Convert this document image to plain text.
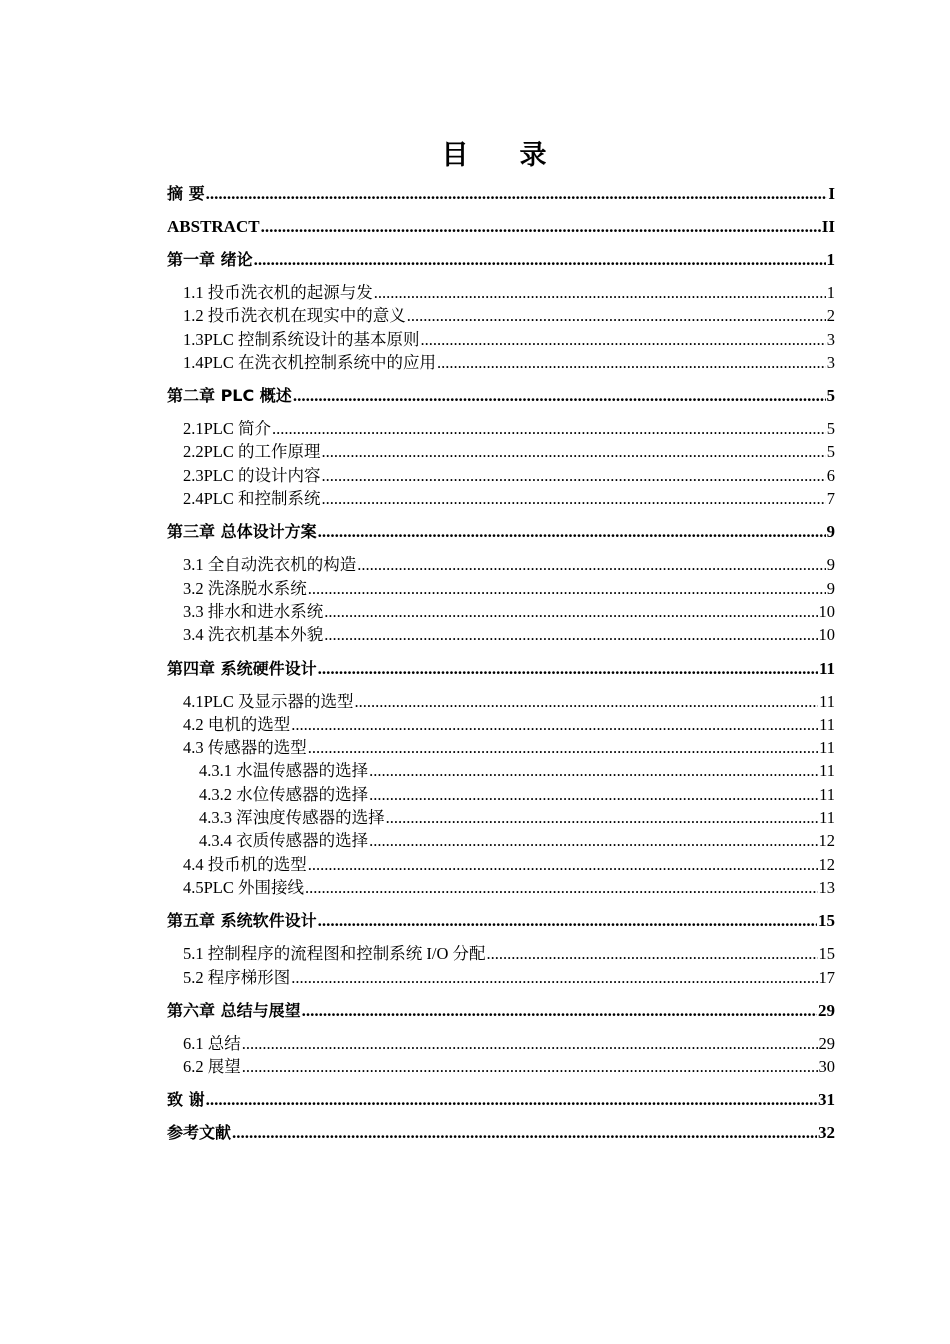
目　录
摘 要 .....	I
ABSTRACT .....	II
第一章 绪论 .....	1
1.1 投币洗衣机的起源与发 .....	1
1.2 投币洗衣机在现实中的意义 .....	2
1.3PLC 控制系统设计的基本原则 .....	3
1.4PLC 在洗衣机控制系统中的应用 .....	3
第二章 PLC 概述 .....	5
2.1PLC 简介 .....	5
2.2PLC 的工作原理 .....	5
2.3PLC 的设计内容 .....	6
2.4PLC 和控制系统 .....	7
第三章 总体设计方案 .....	9
3.1 全自动洗衣机的构造 .....	9
3.2 洗涤脱水系统 .....	9
3.3 排水和进水系统 .....	10
3.4 洗衣机基本外貌 .....	10
第四章 系统硬件设计 .....	11
4.1PLC 及显示器的选型 .....	11
4.2 电机的选型 .....	11
4.3 传感器的选型 .....	11
4.3.1 水温传感器的选择 .....	11
4.3.2 水位传感器的选择 .....	11
4.3.3 浑浊度传感器的选择 .....	11
4.3.4 衣质传感器的选择 .....	12
4.4 投币机的选型 .....	12
4.5PLC 外围接线 .....	13
第五章 系统软件设计 .....	15
5.1 控制程序的流程图和控制系统 I/O 分配 .....	15
5.2 程序梯形图 .....	17
第六章 总结与展望 .....	29
6.1 总结 .....	29
6.2 展望 .....	30
致 谢 .....	31
参考文献 .....	32
